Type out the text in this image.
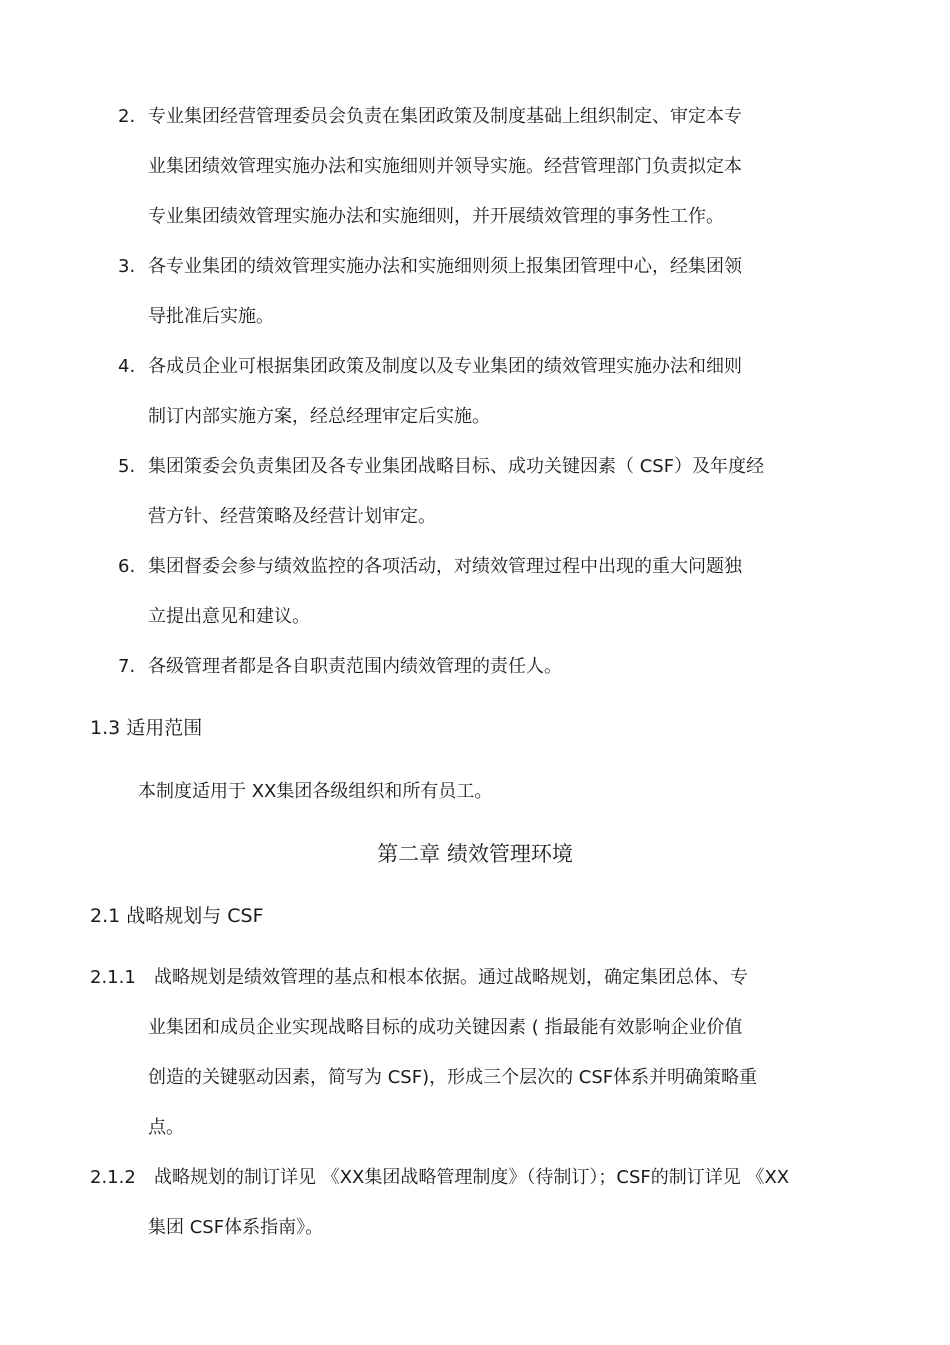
2. 专业集团经营管理委员会负责在集团政策及制度基础上组织制定、审定本专
业集团绩效管理实施办法和实施细则并领导实施。经营管理部门负责拟定本
专业集团绩效管理实施办法和实施细则，并开展绩效管理的事务性工作。
3. 各专业集团的绩效管理实施办法和实施细则须上报集团管理中心，经集团领
导批准后实施。
4. 各成员企业可根据集团政策及制度以及专业集团的绩效管理实施办法和细则
制订内部实施方案，经总经理审定后实施。
5. 集团策委会负责集团及各专业集团战略目标、成功关键因素（ CSF）及年度经
营方针、经营策略及经营计划审定。
6. 集团督委会参与绩效监控的各项活动，对绩效管理过程中出现的重大问题独
立提出意见和建议。
7. 各级管理者都是各自职责范围内绩效管理的责任人。
1.3 适用范围
本制度适用于 XX集团各级组织和所有员工。
第二章 绩效管理环境
2.1 战略规划与 CSF
2.1.1 战略规划是绩效管理的基点和根本依据。通过战略规划，确定集团总体、专
业集团和成员企业实现战略目标的成功关键因素 ( 指最能有效影响企业价值
创造的关键驱动因素，简写为 CSF)，形成三个层次的 CSF体系并明确策略重
点。
2.1.2 战略规划的制订详见 《XX集团战略管理制度》（待制订）；CSF的制订详见 《XX
集团 CSF体系指南》。
